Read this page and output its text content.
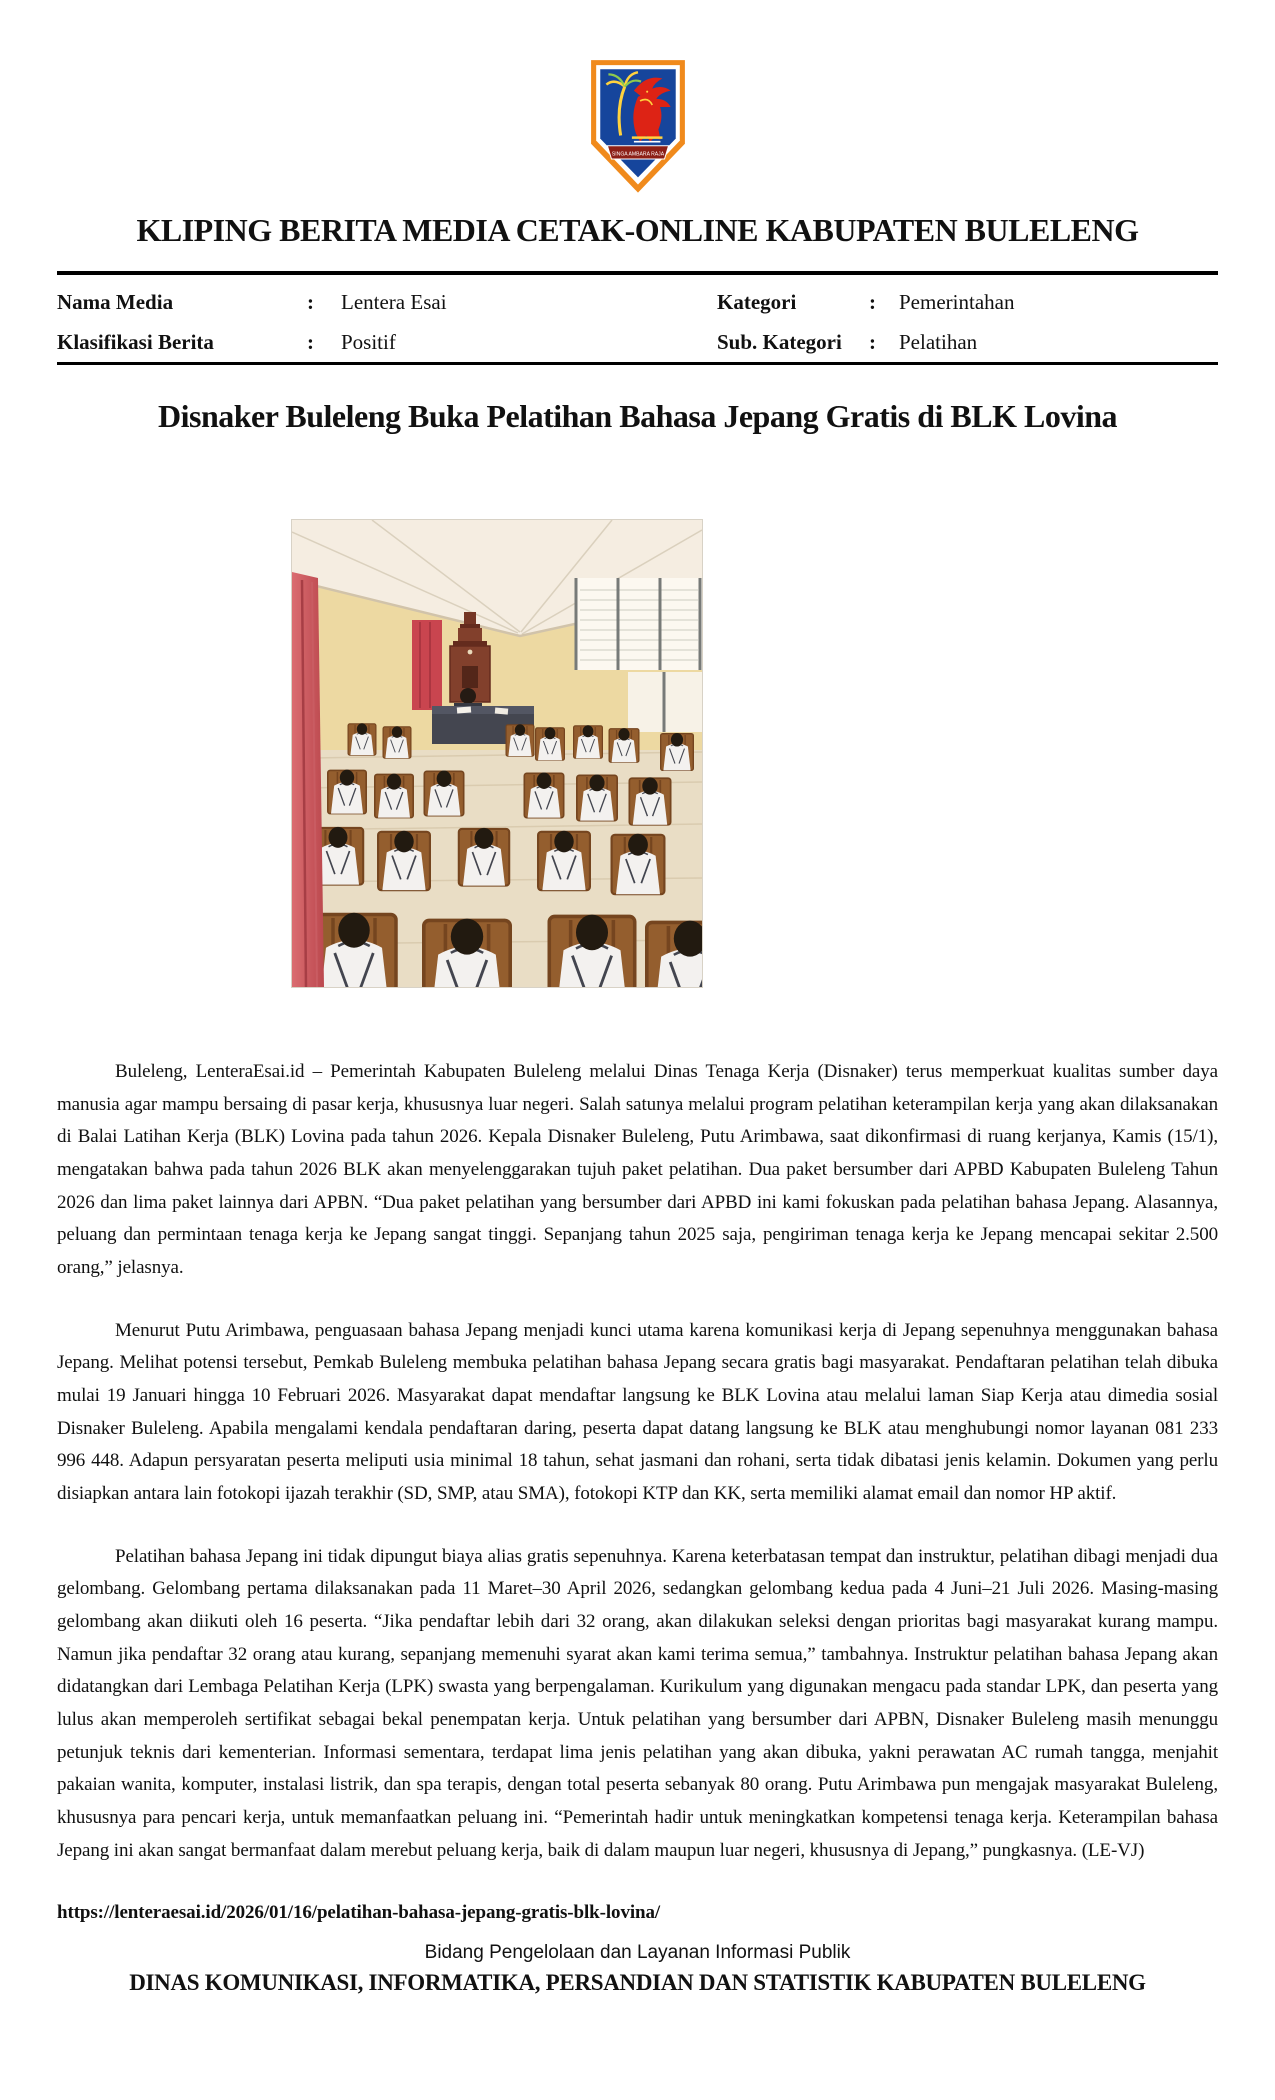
SINGA AMBARA RAJA
KLIPING BERITA MEDIA CETAK-ONLINE KABUPATEN BULELENG
Nama Media	:	Lentera Esai	Kategori	:	Pemerintahan
Klasifikasi Berita	:	Positif	Sub. Kategori	:	Pelatihan
Disnaker Buleleng Buka Pelatihan Bahasa Jepang Gratis di BLK Lovina

Buleleng, LenteraEsai.id – Pemerintah Kabupaten Buleleng melalui Dinas Tenaga Kerja (Disnaker) terus memperkuat kualitas sumber daya manusia agar mampu bersaing di pasar kerja, khususnya luar negeri. Salah satunya melalui program pelatihan keterampilan kerja yang akan dilaksanakan di Balai Latihan Kerja (BLK) Lovina pada tahun 2026. Kepala Disnaker Buleleng, Putu Arimbawa, saat dikonfirmasi di ruang kerjanya, Kamis (15/1), mengatakan bahwa pada tahun 2026 BLK akan menyelenggarakan tujuh paket pelatihan. Dua paket bersumber dari APBD Kabupaten Buleleng Tahun 2026 dan lima paket lainnya dari APBN. “Dua paket pelatihan yang bersumber dari APBD ini kami fokuskan pada pelatihan bahasa Jepang. Alasannya, peluang dan permintaan tenaga kerja ke Jepang sangat tinggi. Sepanjang tahun 2025 saja, pengiriman tenaga kerja ke Jepang mencapai sekitar 2.500 orang,” jelasnya.

Menurut Putu Arimbawa, penguasaan bahasa Jepang menjadi kunci utama karena komunikasi kerja di Jepang sepenuhnya menggunakan bahasa Jepang. Melihat potensi tersebut, Pemkab Buleleng membuka pelatihan bahasa Jepang secara gratis bagi masyarakat. Pendaftaran pelatihan telah dibuka mulai 19 Januari hingga 10 Februari 2026. Masyarakat dapat mendaftar langsung ke BLK Lovina atau melalui laman Siap Kerja atau dimedia sosial Disnaker Buleleng. Apabila mengalami kendala pendaftaran daring, peserta dapat datang langsung ke BLK atau menghubungi nomor layanan 081 233 996 448. Adapun persyaratan peserta meliputi usia minimal 18 tahun, sehat jasmani dan rohani, serta tidak dibatasi jenis kelamin. Dokumen yang perlu disiapkan antara lain fotokopi ijazah terakhir (SD, SMP, atau SMA), fotokopi KTP dan KK, serta memiliki alamat email dan nomor HP aktif.

Pelatihan bahasa Jepang ini tidak dipungut biaya alias gratis sepenuhnya. Karena keterbatasan tempat dan instruktur, pelatihan dibagi menjadi dua gelombang. Gelombang pertama dilaksanakan pada 11 Maret–30 April 2026, sedangkan gelombang kedua pada 4 Juni–21 Juli 2026. Masing-masing gelombang akan diikuti oleh 16 peserta. “Jika pendaftar lebih dari 32 orang, akan dilakukan seleksi dengan prioritas bagi masyarakat kurang mampu. Namun jika pendaftar 32 orang atau kurang, sepanjang memenuhi syarat akan kami terima semua,” tambahnya. Instruktur pelatihan bahasa Jepang akan didatangkan dari Lembaga Pelatihan Kerja (LPK) swasta yang berpengalaman. Kurikulum yang digunakan mengacu pada standar LPK, dan peserta yang lulus akan memperoleh sertifikat sebagai bekal penempatan kerja. Untuk pelatihan yang bersumber dari APBN, Disnaker Buleleng masih menunggu petunjuk teknis dari kementerian. Informasi sementara, terdapat lima jenis pelatihan yang akan dibuka, yakni perawatan AC rumah tangga, menjahit pakaian wanita, komputer, instalasi listrik, dan spa terapis, dengan total peserta sebanyak 80 orang. Putu Arimbawa pun mengajak masyarakat Buleleng, khususnya para pencari kerja, untuk memanfaatkan peluang ini. “Pemerintah hadir untuk meningkatkan kompetensi tenaga kerja. Keterampilan bahasa Jepang ini akan sangat bermanfaat dalam merebut peluang kerja, baik di dalam maupun luar negeri, khususnya di Jepang,” pungkasnya. (LE-VJ)

https://lenteraesai.id/2026/01/16/pelatihan-bahasa-jepang-gratis-blk-lovina/
Bidang Pengelolaan dan Layanan Informasi Publik
DINAS KOMUNIKASI, INFORMATIKA, PERSANDIAN DAN STATISTIK KABUPATEN BULELENG
